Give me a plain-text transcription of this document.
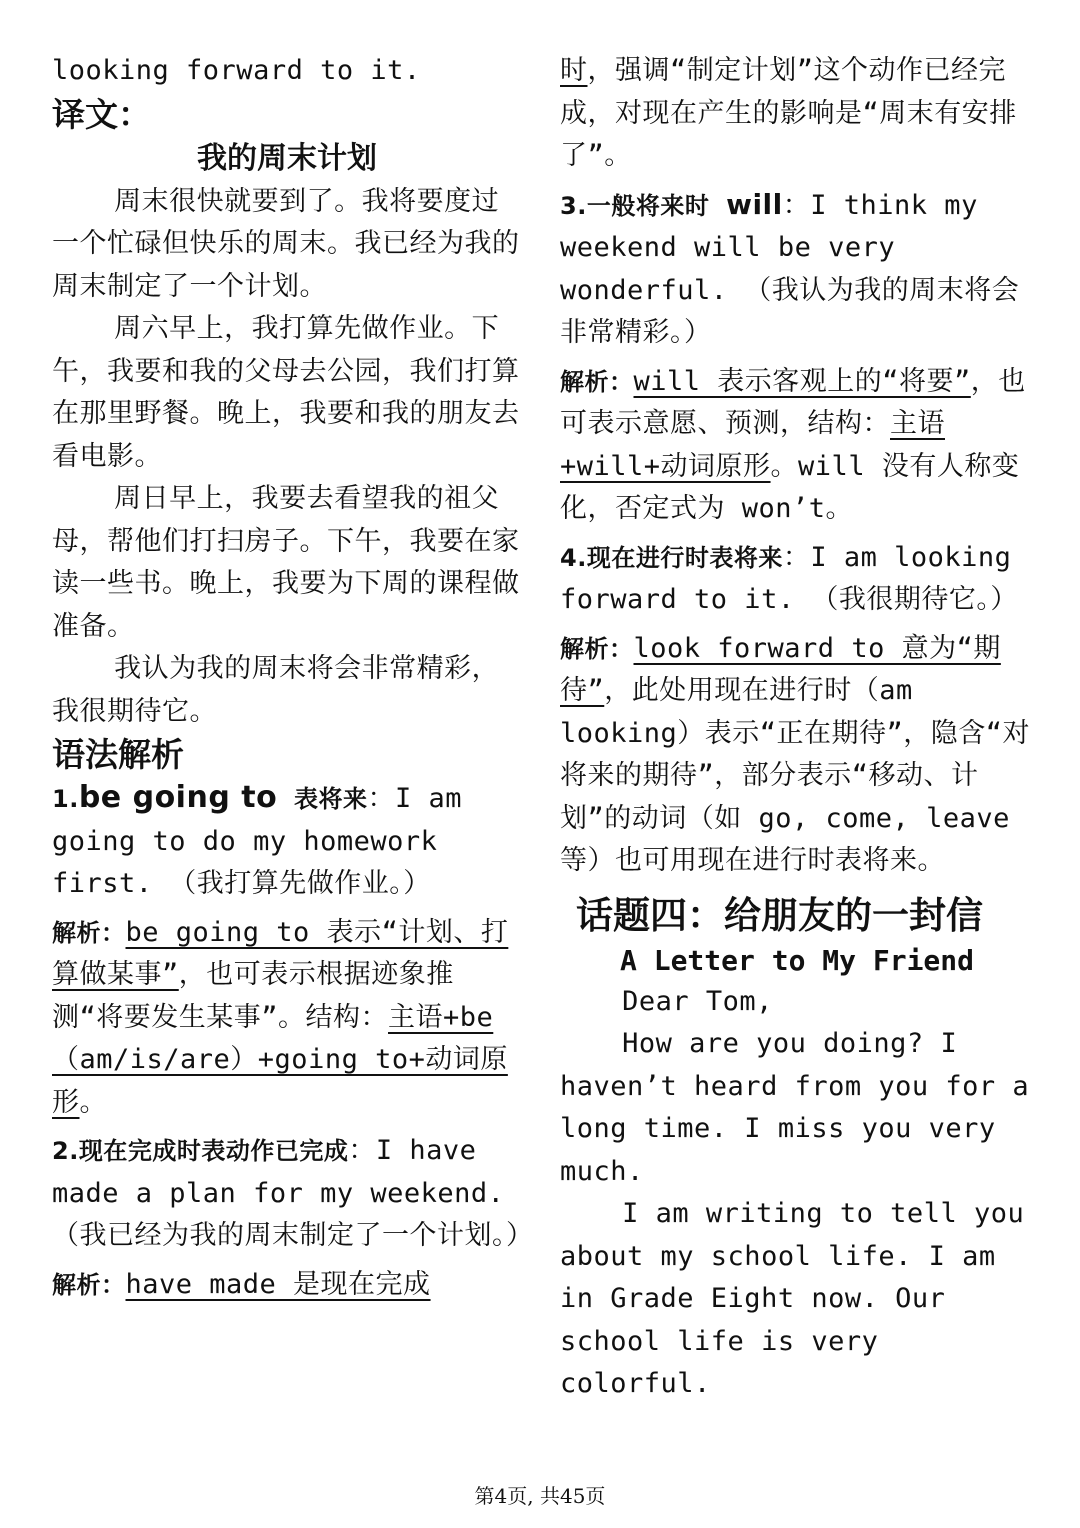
looking forward to it.

译文：

我的周末计划

周末很快就要到了。我将要度过一个忙碌但快乐的周末。我已经为我的周末制定了一个计划。

周六早上，我打算先做作业。下午，我要和我的父母去公园，我们打算在那里野餐。晚上，我要和我的朋友去看电影。

周日早上，我要去看望我的祖父母，帮他们打扫房子。下午，我要在家读一些书。晚上，我要为下周的课程做准备。

我认为我的周末将会非常精彩，我很期待它。

语法解析

1.be going to 表将来：I am going to do my homework first. （我打算先做作业。）

解析：be going to 表示“计划、打算做某事”，也可表示根据迹象推测“将要发生某事”。结构：主语+be（am/is/are）+going to+动词原形。

2.现在完成时表动作已完成：I have made a plan for my weekend. （我已经为我的周末制定了一个计划。）

解析：have made 是现在完成

时，强调“制定计划”这个动作已经完成，对现在产生的影响是“周末有安排了”。

3.一般将来时 will：I think my weekend will be very wonderful. （我认为我的周末将会非常精彩。）

解析：will 表示客观上的“将要”，也可表示意愿、预测，结构：主语+will+动词原形。will 没有人称变化，否定式为 won’t。

4.现在进行时表将来：I am looking forward to it. （我很期待它。）

解析：look forward to 意为“期待”，此处用现在进行时（am looking）表示“正在期待”，隐含“对将来的期待”，部分表示“移动、计划”的动词（如 go, come, leave 等）也可用现在进行时表将来。

话题四：给朋友的一封信

A Letter to My Friend

Dear Tom,

How are you doing? I haven’t heard from you for a long time. I miss you very much.

I am writing to tell you about my school life. I am in Grade Eight now. Our school life is very colorful.

第4页, 共45页
